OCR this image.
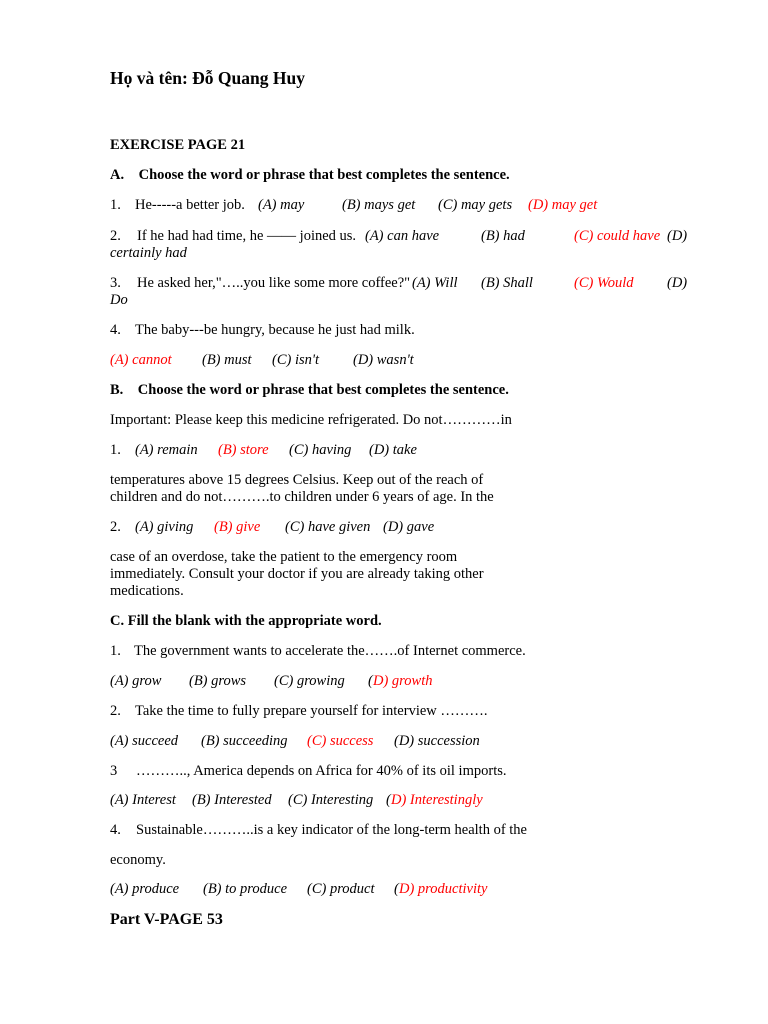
Họ và tên: Đỗ Quang Huy
EXERCISE PAGE 21
A.    Choose the word or phrase that best completes the sentence.
1. He-----a better job. (A) may	(B) mays get (C) may gets (D) may get
2. If he had had time, he —— joined us. (A) can have	(B) had	(C) could have (D)
certainly had
3. He asked her,"…..you like some more coffee?" (A) Will (B) Shall	(C) Would (D)
Do
4. The baby-‐-be hungry, because he just had milk.
(A) cannot (B) must (C) isn't (D) wasn't
B.    Choose the word or phrase that best completes the sentence.
Important: Please keep this medicine refrigerated. Do not…………in
1. (A) remain (B) store (C) having (D) take
temperatures above 15 degrees Celsius. Keep out of the reach of
children and do not……….to children under 6 years of age. In the
2. (A) giving (B) give (C) have given (D) gave
case of an overdose, take the patient to the emergency room
immediately. Consult your doctor if you are already taking other
medications.
C. Fill the blank with the appropriate word.
1. The government wants to accelerate the…….of Internet commerce.
(A) grow (B) grows (C) growing ( D) growth
2. Take the time to fully prepare yourself for interview ……….
(A) succeed (B) succeeding (C) success (D) succession
3 ……….., America depends on Africa for 40% of its oil imports.
(A) Interest (B) Interested (C) Interesting ( D) Interestingly
4. Sustainable………..is a key indicator of the long-term health of the
economy.
(A) produce (B) to produce (C) product ( D) productivity
Part V-PAGE 53
